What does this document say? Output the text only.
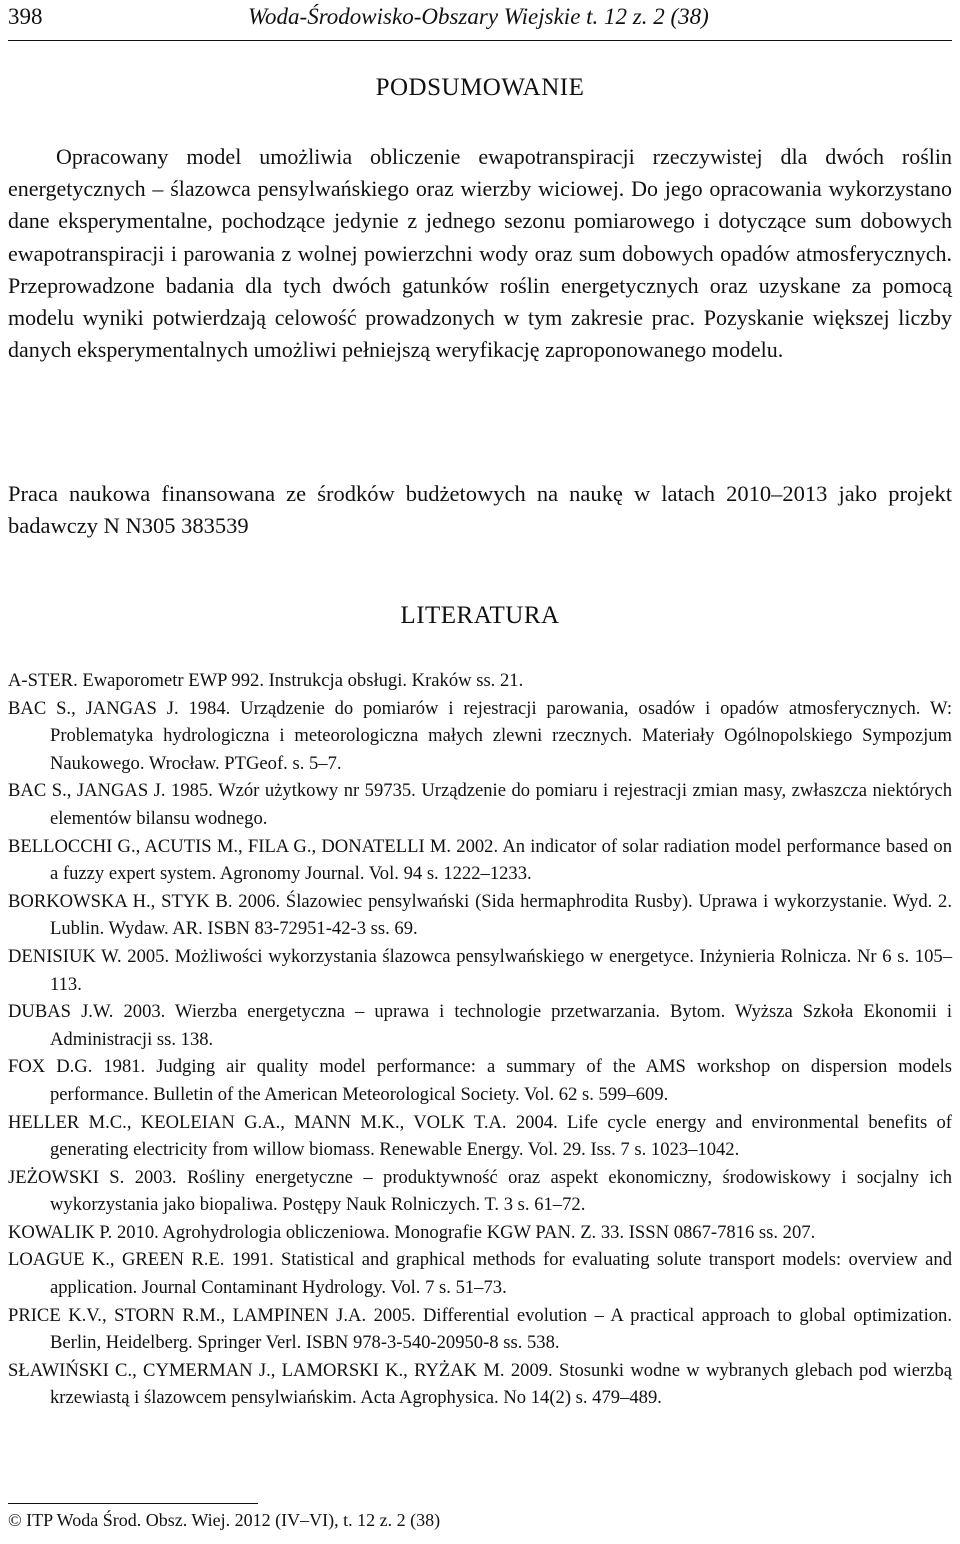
398	Woda-Środowisko-Obszary Wiejskie t. 12 z. 2 (38)
PODSUMOWANIE

Opracowany model umożliwia obliczenie ewapotranspiracji rzeczywistej dla dwóch roślin energetycznych – ślazowca pensylwańskiego oraz wierzby wiciowej. Do jego opracowania wykorzystano dane eksperymentalne, pochodzące jedynie z jednego sezonu pomiarowego i dotyczące sum dobowych ewapotranspiracji i parowania z wolnej powierzchni wody oraz sum dobowych opadów atmosferycznych. Przeprowadzone badania dla tych dwóch gatunków roślin energetycznych oraz uzyskane za pomocą modelu wyniki potwierdzają celowość prowadzonych w tym zakresie prac. Pozyskanie większej liczby danych eksperymentalnych umożliwi pełniejszą weryfikację zaproponowanego modelu.

Praca naukowa finansowana ze środków budżetowych na naukę w latach 2010–2013 jako projekt badawczy N N305 383539

LITERATURA
A-STER. Ewaporometr EWP 992. Instrukcja obsługi. Kraków ss. 21.
BAC S., JANGAS J. 1984. Urządzenie do pomiarów i rejestracji parowania, osadów i opadów atmosferycznych. W: Problematyka hydrologiczna i meteorologiczna małych zlewni rzecznych. Materiały Ogólnopolskiego Sympozjum Naukowego. Wrocław. PTGeof. s. 5–7.
BAC S., JANGAS J. 1985. Wzór użytkowy nr 59735. Urządzenie do pomiaru i rejestracji zmian masy, zwłaszcza niektórych elementów bilansu wodnego.
BELLOCCHI G., ACUTIS M., FILA G., DONATELLI M. 2002. An indicator of solar radiation model performance based on a fuzzy expert system. Agronomy Journal. Vol. 94 s. 1222–1233.
BORKOWSKA H., STYK B. 2006. Ślazowiec pensylwański (Sida hermaphrodita Rusby). Uprawa i wykorzystanie. Wyd. 2. Lublin. Wydaw. AR. ISBN 83-72951-42-3 ss. 69.
DENISIUK W. 2005. Możliwości wykorzystania ślazowca pensylwańskiego w energetyce. Inżynieria Rolnicza. Nr 6 s. 105–113.
DUBAS J.W. 2003. Wierzba energetyczna – uprawa i technologie przetwarzania. Bytom. Wyższa Szkoła Ekonomii i Administracji ss. 138.
FOX D.G. 1981. Judging air quality model performance: a summary of the AMS workshop on dispersion models performance. Bulletin of the American Meteorological Society. Vol. 62 s. 599–609.
HELLER M.C., KEOLEIAN G.A., MANN M.K., VOLK T.A. 2004. Life cycle energy and environmental benefits of generating electricity from willow biomass. Renewable Energy. Vol. 29. Iss. 7 s. 1023–1042.
JEŻOWSKI S. 2003. Rośliny energetyczne – produktywność oraz aspekt ekonomiczny, środowiskowy i socjalny ich wykorzystania jako biopaliwa. Postępy Nauk Rolniczych. T. 3 s. 61–72.
KOWALIK P. 2010. Agrohydrologia obliczeniowa. Monografie KGW PAN. Z. 33. ISSN 0867-7816 ss. 207.
LOAGUE K., GREEN R.E. 1991. Statistical and graphical methods for evaluating solute transport models: overview and application. Journal Contaminant Hydrology. Vol. 7 s. 51–73.
PRICE K.V., STORN R.M., LAMPINEN J.A. 2005. Differential evolution – A practical approach to global optimization. Berlin, Heidelberg. Springer Verl. ISBN 978-3-540-20950-8 ss. 538.
SŁAWIŃSKI C., CYMERMAN J., LAMORSKI K., RYŻAK M. 2009. Stosunki wodne w wybranych glebach pod wierzbą krzewiastą i ślazowcem pensylwiańskim. Acta Agrophysica. No 14(2) s. 479–489.
© ITP Woda Środ. Obsz. Wiej. 2012 (IV–VI), t. 12 z. 2 (38)
